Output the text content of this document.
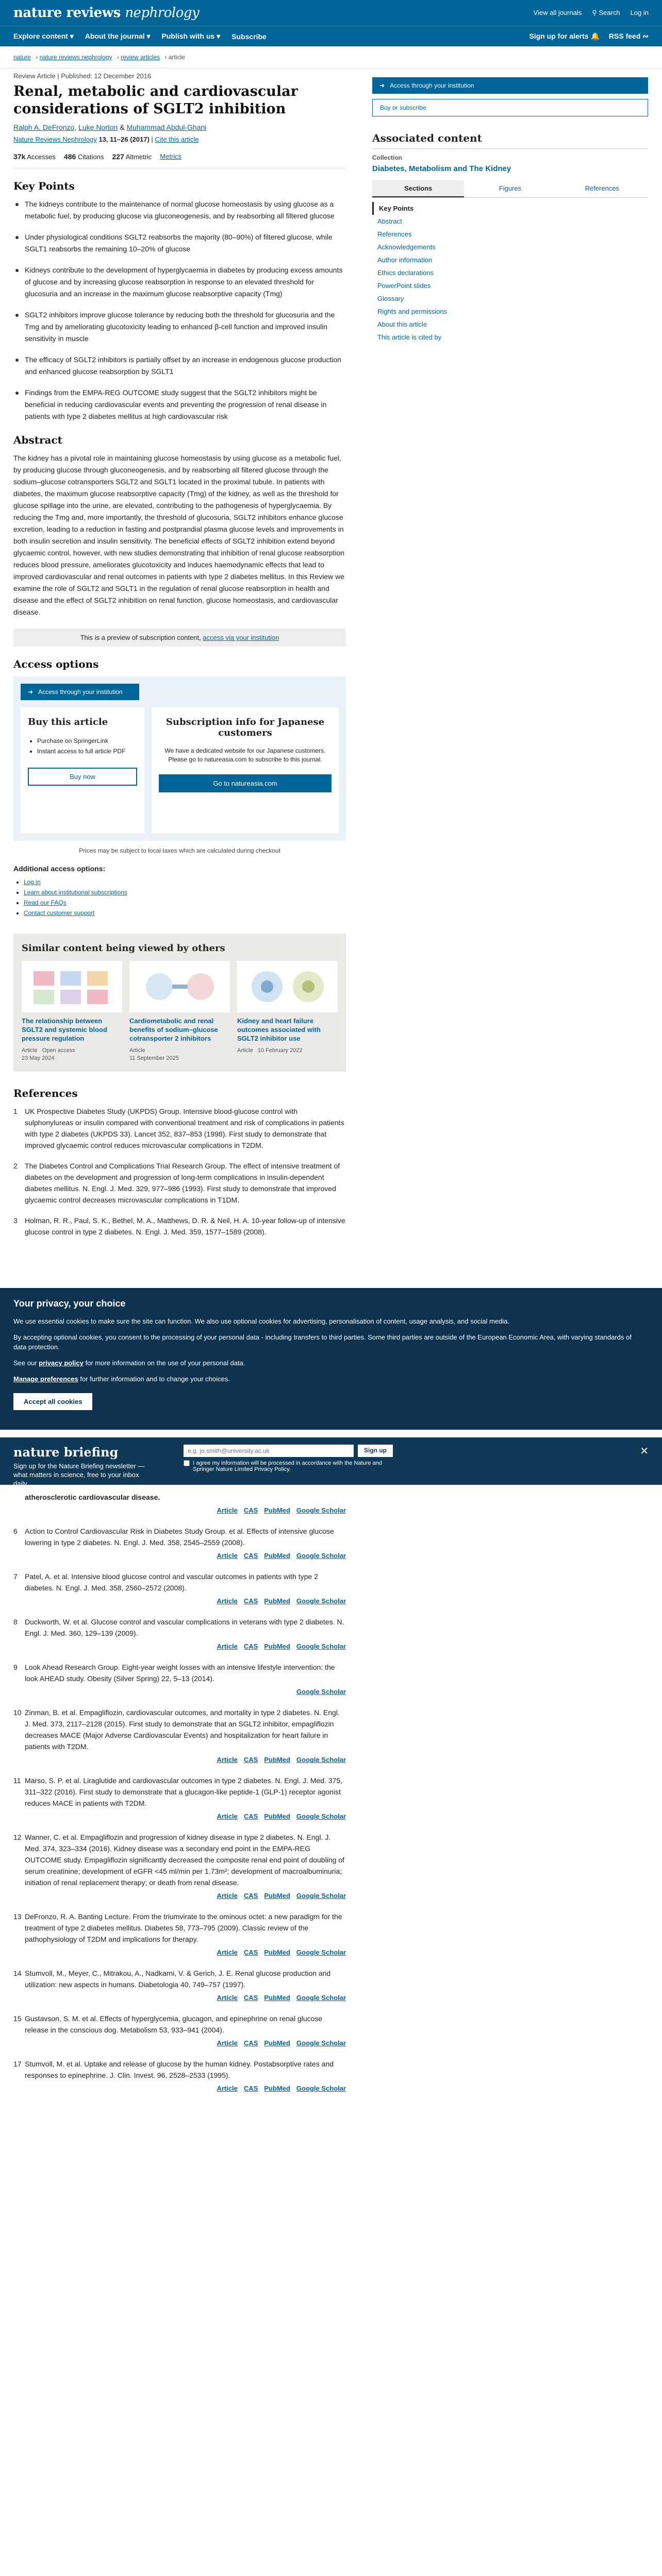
nature reviews nephrology	View all journals ⚲ Search Log in
Explore content ▾ About the journal ▾ Publish with us ▾ Subscribe	Sign up for alerts 🔔 RSS feed ∾
nature › nature reviews nephrology › review articles › article
Review Article | Published: 12 December 2016
Renal, metabolic and cardiovascular considerations of SGLT2 inhibition
Ralph A. DeFronzo, Luke Norton & Muhammad Abdul-Ghani
Nature Reviews Nephrology 13, 11–26 (2017) | Cite this article
37k Accesses 486 Citations 227 Altmetric Metrics
Key Points
The kidneys contribute to the maintenance of normal glucose homeostasis by using glucose as a metabolic fuel, by producing glucose via gluconeogenesis, and by reabsorbing all filtered glucose
Under physiological conditions SGLT2 reabsorbs the majority (80–90%) of filtered glucose, while SGLT1 reabsorbs the remaining 10–20% of glucose
Kidneys contribute to the development of hyperglycaemia in diabetes by producing excess amounts of glucose and by increasing glucose reabsorption in response to an elevated threshold for glucosuria and an increase in the maximum glucose reabsorptive capacity (Tmg)
SGLT2 inhibitors improve glucose tolerance by reducing both the threshold for glucosuria and the Tmg and by ameliorating glucotoxicity leading to enhanced β-cell function and improved insulin sensitivity in muscle
The efficacy of SGLT2 inhibitors is partially offset by an increase in endogenous glucose production and enhanced glucose reabsorption by SGLT1
Findings from the EMPA-REG OUTCOME study suggest that the SGLT2 inhibitors might be beneficial in reducing cardiovascular events and preventing the progression of renal disease in patients with type 2 diabetes mellitus at high cardiovascular risk
Abstract

The kidney has a pivotal role in maintaining glucose homeostasis by using glucose as a metabolic fuel, by producing glucose through gluconeogenesis, and by reabsorbing all filtered glucose through the sodium–glucose cotransporters SGLT2 and SGLT1 located in the proximal tubule. In patients with diabetes, the maximum glucose reabsorptive capacity (Tmg) of the kidney, as well as the threshold for glucose spillage into the urine, are elevated, contributing to the pathogenesis of hyperglycaemia. By reducing the Tmg and, more importantly, the threshold of glucosuria, SGLT2 inhibitors enhance glucose excretion, leading to a reduction in fasting and postprandial plasma glucose levels and improvements in both insulin secretion and insulin sensitivity. The beneficial effects of SGLT2 inhibition extend beyond glycaemic control, however, with new studies demonstrating that inhibition of renal glucose reabsorption reduces blood pressure, ameliorates glucotoxicity and induces haemodynamic effects that lead to improved cardiovascular and renal outcomes in patients with type 2 diabetes mellitus. In this Review we examine the role of SGLT2 and SGLT1 in the regulation of renal glucose reabsorption in health and disease and the effect of SGLT2 inhibition on renal function, glucose homeostasis, and cardiovascular disease.

This is a preview of subscription content, access via your institution
Access options
➜ Access through your institution
Buy this article
• Purchase on SpringerLink
• Instant access to full article PDF
Buy now
Subscription info for Japanese customers

We have a dedicated website for our Japanese customers. Please go to natureasia.com to subscribe to this journal.

Go to natureasia.com
Prices may be subject to local taxes which are calculated during checkout
Additional access options:
• Log in
• Learn about institutional subscriptions
• Read our FAQs
• Contact customer support
Similar content being viewed by others
The relationship between SGLT2 and systemic blood pressure regulation
Article Open access
23 May 2024
Cardiometabolic and renal benefits of sodium–glucose cotransporter 2 inhibitors
Article
11 September 2025
Kidney and heart failure outcomes associated with SGLT2 inhibitor use
Article 10 February 2022
References
1 UK Prospective Diabetes Study (UKPDS) Group. Intensive blood-glucose control with sulphonylureas or insulin compared with conventional treatment and risk of complications in patients with type 2 diabetes (UKPDS 33). Lancet 352, 837–853 (1998). First study to demonstrate that improved glycaemic control reduces microvascular complications in T2DM.
2 The Diabetes Control and Complications Trial Research Group. The effect of intensive treatment of diabetes on the development and progression of long-term complications in insulin-dependent diabetes mellitus. N. Engl. J. Med. 329, 977–986 (1993). First study to demonstrate that improved glycaemic control decreases microvascular complications in T1DM.
3 Holman, R. R., Paul, S. K., Bethel, M. A., Matthews, D. R. & Neil, H. A. 10-year follow-up of intensive glucose control in type 2 diabetes. N. Engl. J. Med. 359, 1577–1589 (2008).
atherosclerotic cardiovascular disease.
Article CAS PubMed Google Scholar
6 Action to Control Cardiovascular Risk in Diabetes Study Group. et al. Effects of intensive glucose lowering in type 2 diabetes. N. Engl. J. Med. 358, 2545–2559 (2008).
Article CAS PubMed Google Scholar
7 Patel, A. et al. Intensive blood glucose control and vascular outcomes in patients with type 2 diabetes. N. Engl. J. Med. 358, 2560–2572 (2008).
Article CAS PubMed Google Scholar
8 Duckworth, W. et al. Glucose control and vascular complications in veterans with type 2 diabetes. N. Engl. J. Med. 360, 129–139 (2009).
Article CAS PubMed Google Scholar
9 Look Ahead Research Group. Eight-year weight losses with an intensive lifestyle intervention: the look AHEAD study. Obesity (Silver Spring) 22, 5–13 (2014).
Google Scholar
10 Zinman, B. et al. Empagliflozin, cardiovascular outcomes, and mortality in type 2 diabetes. N. Engl. J. Med. 373, 2117–2128 (2015). First study to demonstrate that an SGLT2 inhibitor, empagliflozin decreases MACE (Major Adverse Cardiovascular Events) and hospitalization for heart failure in patients with T2DM.
Article CAS PubMed Google Scholar
11 Marso, S. P. et al. Liraglutide and cardiovascular outcomes in type 2 diabetes. N. Engl. J. Med. 375, 311–322 (2016). First study to demonstrate that a glucagon-like peptide-1 (GLP-1) receptor agonist reduces MACE in patients with T2DM.
Article CAS PubMed Google Scholar
12 Wanner, C. et al. Empagliflozin and progression of kidney disease in type 2 diabetes. N. Engl. J. Med. 374, 323–334 (2016). Kidney disease was a secondary end point in the EMPA-REG OUTCOME study. Empagliflozin significantly decreased the composite renal end point of doubling of serum creatinine; development of eGFR <45 ml/min per 1.73m²; development of macroalbuminuria; initiation of renal replacement therapy; or death from renal disease.
Article CAS PubMed Google Scholar
13 DeFronzo, R. A. Banting Lecture. From the triumvirate to the ominous octet: a new paradigm for the treatment of type 2 diabetes mellitus. Diabetes 58, 773–795 (2009). Classic review of the pathophysiology of T2DM and implications for therapy.
Article CAS PubMed Google Scholar
14 Stumvoll, M., Meyer, C., Mitrakou, A., Nadkarni, V. & Gerich, J. E. Renal glucose production and utilization: new aspects in humans. Diabetologia 40, 749–757 (1997).
Article CAS PubMed Google Scholar
15 Gustavson, S. M. et al. Effects of hyperglycemia, glucagon, and epinephrine on renal glucose release in the conscious dog. Metabolism 53, 933–941 (2004).
Article CAS PubMed Google Scholar
17 Stumvoll, M. et al. Uptake and release of glucose by the human kidney. Postabsorptive rates and responses to epinephrine. J. Clin. Invest. 96, 2528–2533 (1995).
Article CAS PubMed Google Scholar
➜ Access through your institution
Buy or subscribe
Associated content
Collection
Diabetes, Metabolism and The Kidney
Sections	Figures	References
Key Points
Abstract
References
Acknowledgements
Author information
Ethics declarations
PowerPoint slides
Glossary
Rights and permissions
About this article
This article is cited by
Your privacy, your choice

We use essential cookies to make sure the site can function. We also use optional cookies for advertising, personalisation of content, usage analysis, and social media.

By accepting optional cookies, you consent to the processing of your personal data - including transfers to third parties. Some third parties are outside of the European Economic Area, with varying standards of data protection.

See our privacy policy for more information on the use of your personal data.

Manage preferences for further information and to change your choices.

Accept all cookies
nature briefing
Sign up for the Nature Briefing newsletter — what matters in science, free to your inbox daily.
e.g. jo.smith@university.ac.uk
Sign up
I agree my information will be processed in accordance with the Nature and Springer Nature Limited Privacy Policy.
✕
